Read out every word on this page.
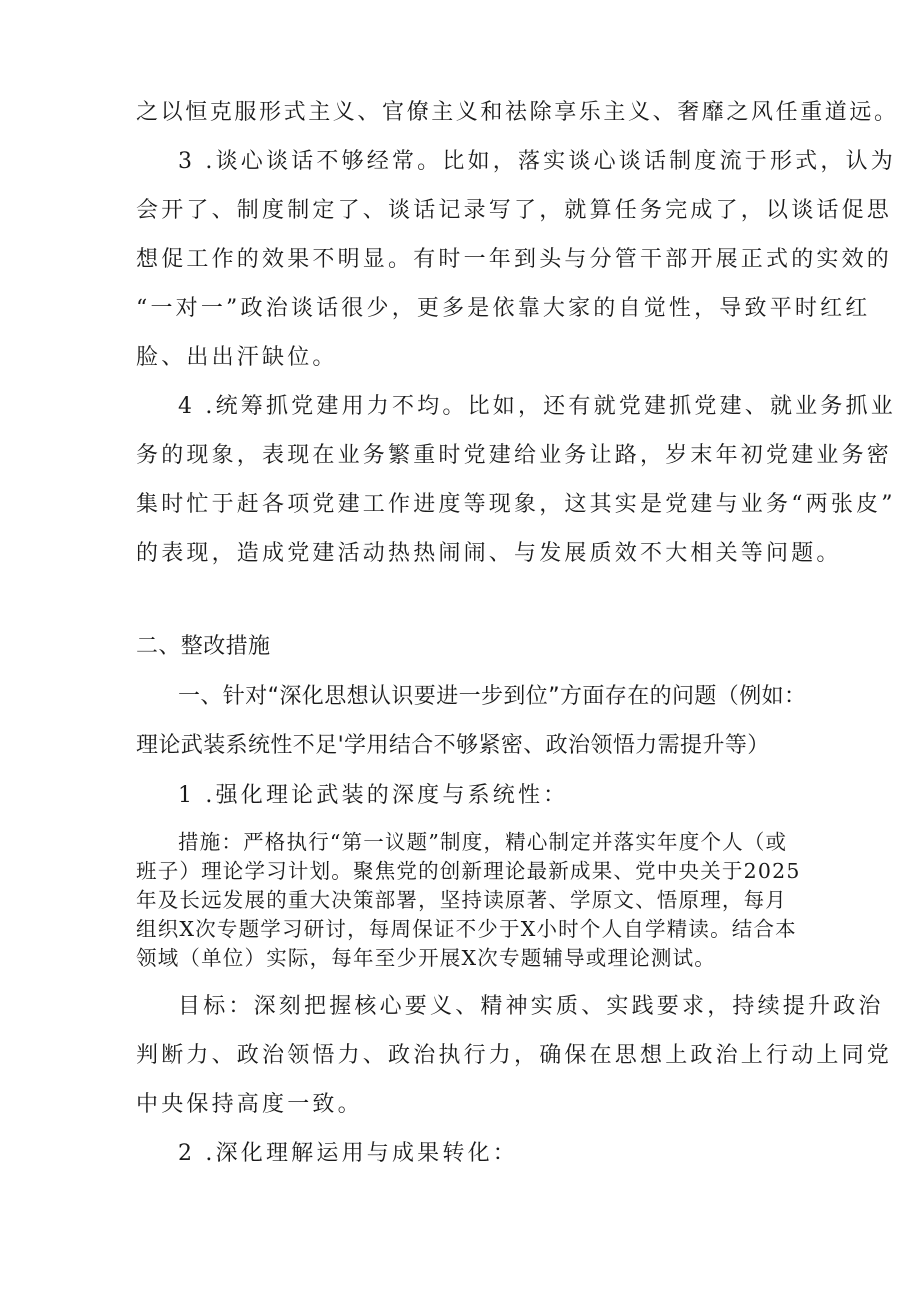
之以恒克服形式主义、官僚主义和祛除享乐主义、奢靡之风任重道远。
3 .谈心谈话不够经常。比如，落实谈心谈话制度流于形式，认为
会开了、制度制定了、谈话记录写了，就算任务完成了，以谈话促思
想促工作的效果不明显。有时一年到头与分管干部开展正式的实效的
“一对一”政治谈话很少，更多是依靠大家的自觉性，导致平时红红
脸、出出汗缺位。
4 .统筹抓党建用力不均。比如，还有就党建抓党建、就业务抓业
务的现象，表现在业务繁重时党建给业务让路，岁末年初党建业务密
集时忙于赶各项党建工作进度等现象，这其实是党建与业务“两张皮”
的表现，造成党建活动热热闹闹、与发展质效不大相关等问题。
二、整改措施
一、针对“深化思想认识要进一步到位”方面存在的问题（例如：
理论武装系统性不足'学用结合不够紧密、政治领悟力需提升等）
1 .强化理论武装的深度与系统性：
措施：严格执行“第一议题”制度，精心制定并落实年度个人（或
班子）理论学习计划。聚焦党的创新理论最新成果、党中央关于2025
年及长远发展的重大决策部署，坚持读原著、学原文、悟原理，每月
组织X次专题学习研讨，每周保证不少于X小时个人自学精读。结合本
领域（单位）实际，每年至少开展X次专题辅导或理论测试。
目标：深刻把握核心要义、精神实质、实践要求，持续提升政治
判断力、政治领悟力、政治执行力，确保在思想上政治上行动上同党
中央保持高度一致。
2 .深化理解运用与成果转化：
